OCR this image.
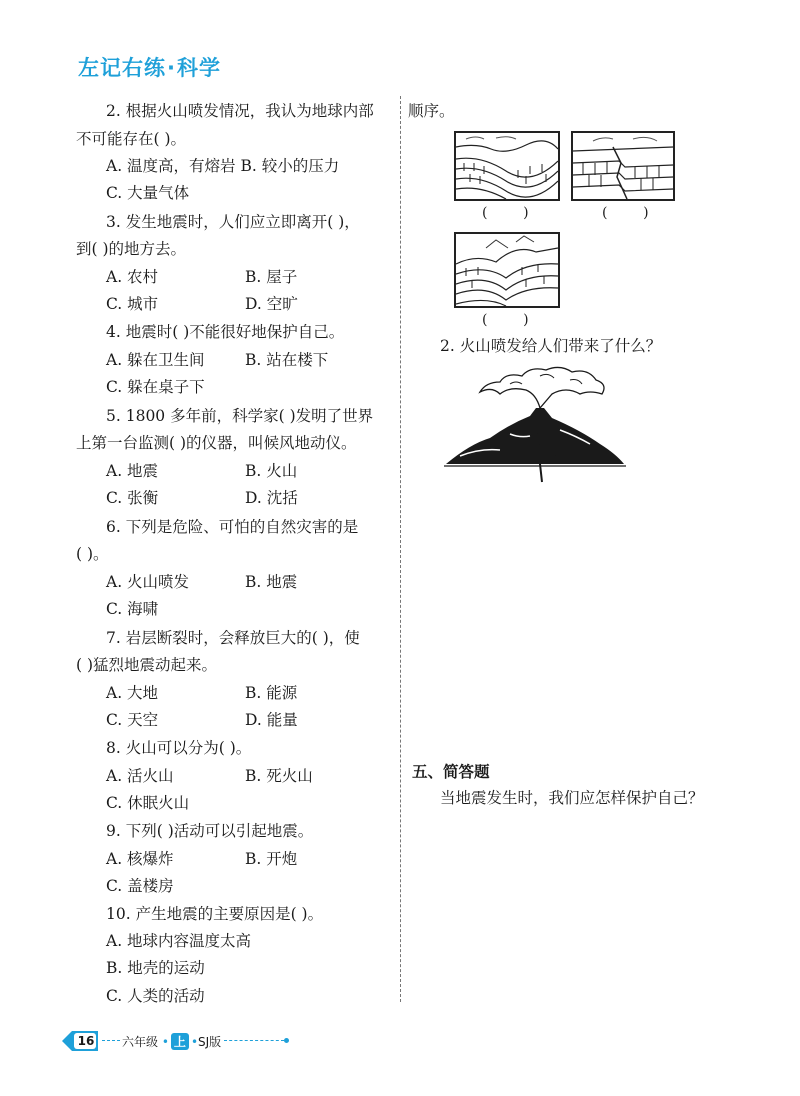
左记右练·科学
2. 根据火山喷发情况，我认为地球内部
不可能存在( )。
A. 温度高，有熔岩 B. 较小的压力
C. 大量气体
3. 发生地震时，人们应立即离开( )，
到( )的地方去。
A. 农村	B. 屋子
C. 城市	D. 空旷
4. 地震时( )不能很好地保护自己。
A. 躲在卫生间	B. 站在楼下
C. 躲在桌子下
5. 1800 多年前，科学家( )发明了世界
上第一台监测( )的仪器，叫候风地动仪。
A. 地震	B. 火山
C. 张衡	D. 沈括
6. 下列是危险、可怕的自然灾害的是
( )。
A. 火山喷发	B. 地震
C. 海啸
7. 岩层断裂时，会释放巨大的( )，使
( )猛烈地震动起来。
A. 大地	B. 能源
C. 天空	D. 能量
8. 火山可以分为( )。
A. 活火山	B. 死火山
C. 休眠火山
9. 下列( )活动可以引起地震。
A. 核爆炸	B. 开炮
C. 盖楼房
10. 产生地震的主要原因是( )。
A. 地球内容温度太高
B. 地壳的运动
C. 人类的活动
顺序。
(        )	(        )
(        )
2. 火山喷发给人们带来了什么？
五、简答题
当地震发生时，我们应怎样保护自己？
16 六年级 • 上 •SJ版
